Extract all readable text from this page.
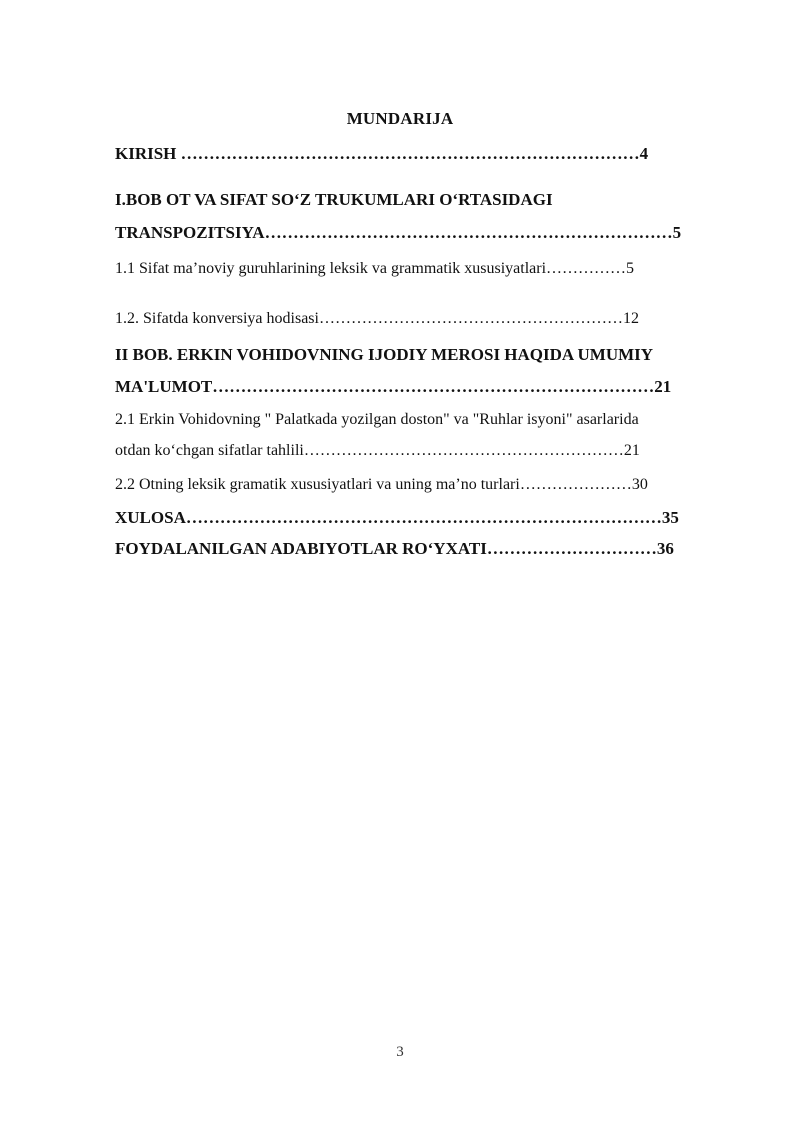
MUNDARIJA
KIRISH ………………………………………………………………………4
I.BOB OT VA SIFAT SO‘Z TRUKUMLARI O‘RTASIDAGI
TRANSPOZITSIYA………………………………………………………………5
1.1 Sifat ma’noviy guruhlarining leksik va grammatik xususiyatlari……………5
1.2. Sifatda konversiya hodisasi…………………………………………………12
II BOB. ERKIN VOHIDOVNING IJODIY MEROSI HAQIDA UMUMIY
MA'LUMOT……………………………………………………………………21
2.1 Erkin Vohidovning " Palatkada yozilgan doston" va "Ruhlar isyoni" asarlarida
otdan ko‘chgan sifatlar tahlili……………………………………………………21
2.2 Otning leksik gramatik xususiyatlari va uning ma’no turlari…………………30
XULOSA…………………………………………………………………………35
FOYDALANILGAN ADABIYOTLAR RO‘YXATI…………………………36
3
